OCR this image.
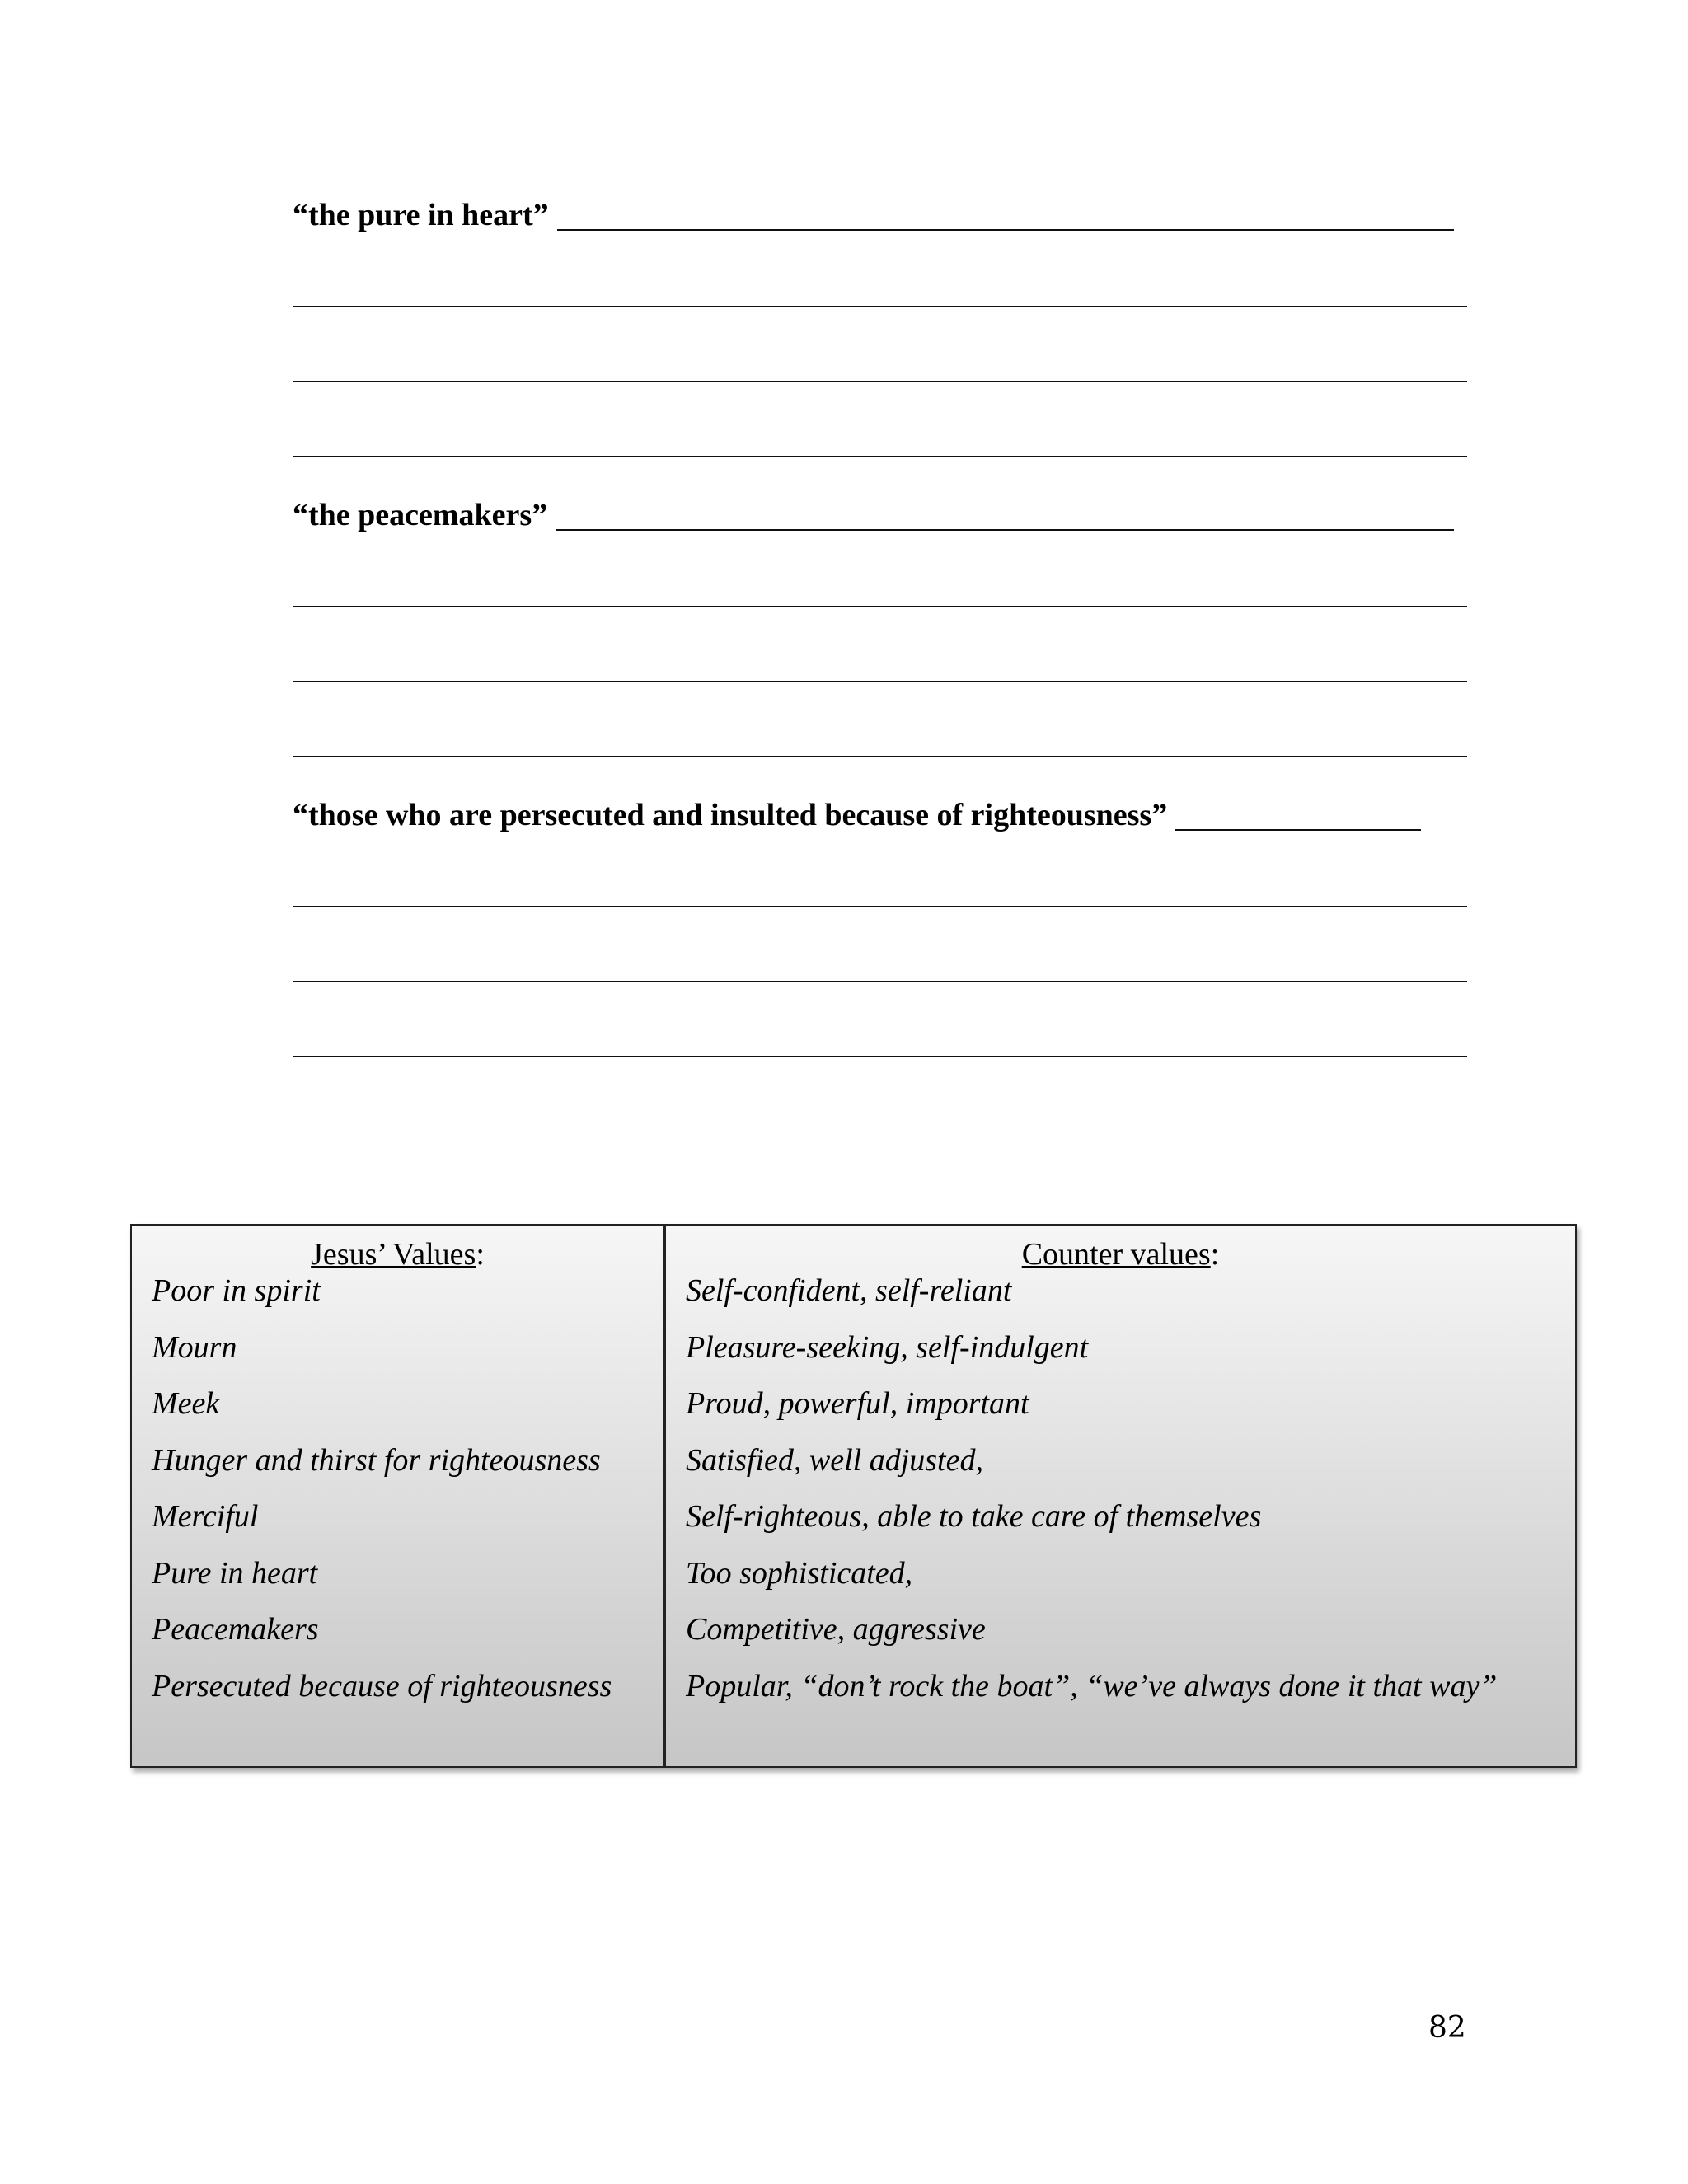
“the pure in heart”
“the peacemakers”
“those who are persecuted and insulted because of righteousness”
Jesus’ Values:
Poor in spirit
Mourn
Meek
Hunger and thirst for righteousness
Merciful
Pure in heart
Peacemakers
Persecuted because of righteousness
Counter values:
Self-confident, self-reliant
Pleasure-seeking, self-indulgent
Proud, powerful, important
Satisfied, well adjusted,
Self-righteous, able to take care of themselves
Too sophisticated,
Competitive, aggressive
Popular, “don’t rock the boat”, “we’ve always done it that way”
82
